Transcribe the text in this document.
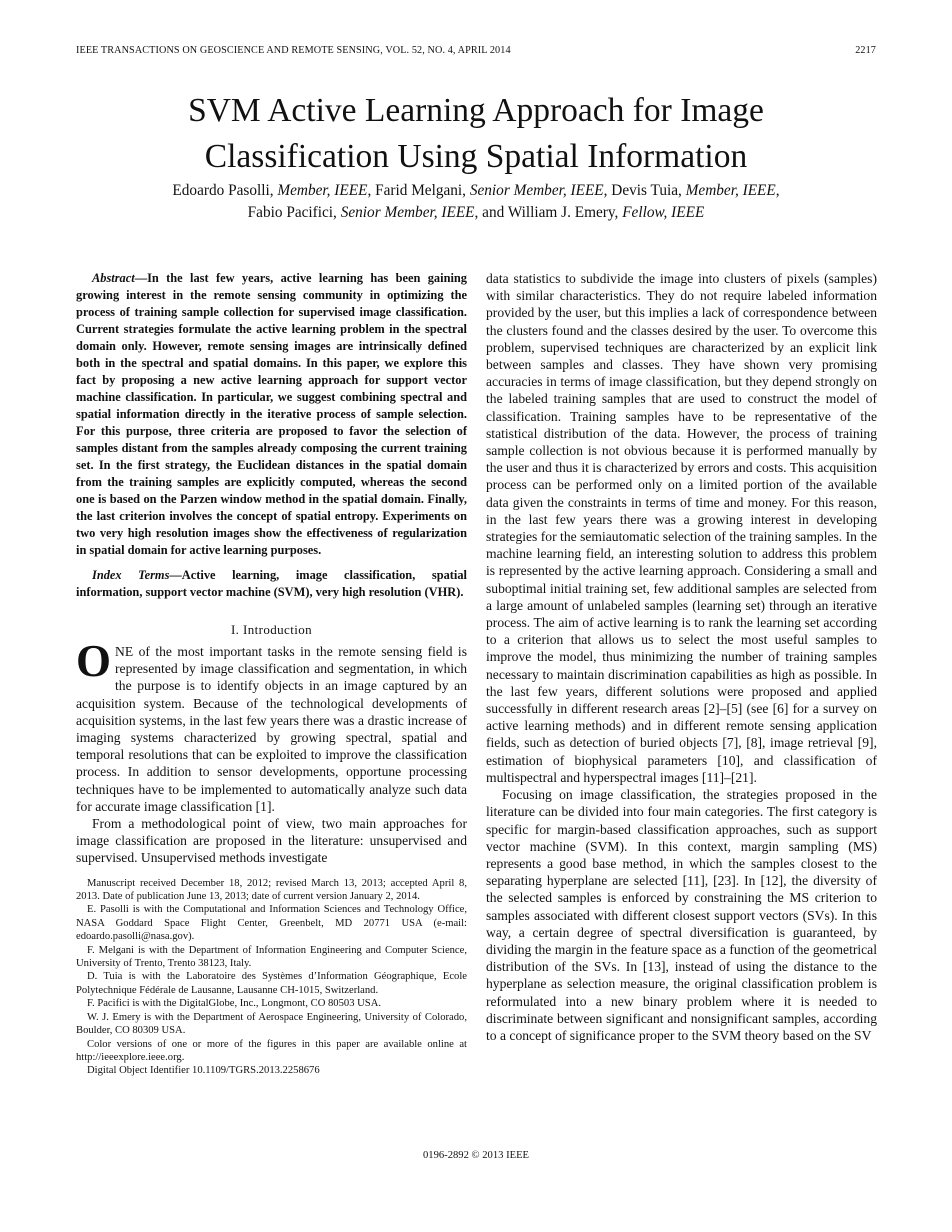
IEEE TRANSACTIONS ON GEOSCIENCE AND REMOTE SENSING, VOL. 52, NO. 4, APRIL 2014	2217
SVM Active Learning Approach for Image
Classification Using Spatial Information
Edoardo Pasolli, Member, IEEE, Farid Melgani, Senior Member, IEEE, Devis Tuia, Member, IEEE,
Fabio Pacifici, Senior Member, IEEE, and William J. Emery, Fellow, IEEE

Abstract—In the last few years, active learning has been gaining growing interest in the remote sensing community in optimizing the process of training sample collection for supervised image classification. Current strategies formulate the active learning problem in the spectral domain only. However, remote sensing images are intrinsically defined both in the spectral and spatial domains. In this paper, we explore this fact by proposing a new active learning approach for support vector machine classification. In particular, we suggest combining spectral and spatial information directly in the iterative process of sample selection. For this purpose, three criteria are proposed to favor the selection of samples distant from the samples already composing the current training set. In the first strategy, the Euclidean distances in the spatial domain from the training samples are explicitly computed, whereas the second one is based on the Parzen window method in the spatial domain. Finally, the last criterion involves the concept of spatial entropy. Experiments on two very high resolution images show the effectiveness of regularization in spatial domain for active learning purposes.

Index Terms—Active learning, image classification, spatial information, support vector machine (SVM), very high resolution (VHR).

I. Introduction

ONE of the most important tasks in the remote sensing field is represented by image classification and segmentation, in which the purpose is to identify objects in an image captured by an acquisition system. Because of the technological developments of acquisition systems, in the last few years there was a drastic increase of imaging systems characterized by growing spectral, spatial and temporal resolutions that can be exploited to improve the classification process. In addition to sensor developments, opportune processing techniques have to be implemented to automatically analyze such data for accurate image classification [1].

From a methodological point of view, two main approaches for image classification are proposed in the literature: unsupervised and supervised. Unsupervised methods investigate

Manuscript received December 18, 2012; revised March 13, 2013; accepted April 8, 2013. Date of publication June 13, 2013; date of current version January 2, 2014.

E. Pasolli is with the Computational and Information Sciences and Technology Office, NASA Goddard Space Flight Center, Greenbelt, MD 20771 USA (e-mail: edoardo.pasolli@nasa.gov).

F. Melgani is with the Department of Information Engineering and Computer Science, University of Trento, Trento 38123, Italy.

D. Tuia is with the Laboratoire des Systèmes d’Information Géographique, Ecole Polytechnique Fédérale de Lausanne, Lausanne CH-1015, Switzerland.

F. Pacifici is with the DigitalGlobe, Inc., Longmont, CO 80503 USA.

W. J. Emery is with the Department of Aerospace Engineering, University of Colorado, Boulder, CO 80309 USA.

Color versions of one or more of the figures in this paper are available online at http://ieeexplore.ieee.org.

Digital Object Identifier 10.1109/TGRS.2013.2258676

data statistics to subdivide the image into clusters of pixels (samples) with similar characteristics. They do not require labeled information provided by the user, but this implies a lack of correspondence between the clusters found and the classes desired by the user. To overcome this problem, supervised techniques are characterized by an explicit link between samples and classes. They have shown very promising accuracies in terms of image classification, but they depend strongly on the labeled training samples that are used to construct the model of classification. Training samples have to be representative of the statistical distribution of the data. However, the process of training sample collection is not obvious because it is performed manually by the user and thus it is characterized by errors and costs. This acquisition process can be performed only on a limited portion of the available data given the constraints in terms of time and money. For this reason, in the last few years there was a growing interest in developing strategies for the semiautomatic selection of the training samples. In the machine learning field, an interesting solution to address this problem is represented by the active learning approach. Considering a small and suboptimal initial training set, few additional samples are selected from a large amount of unlabeled samples (learning set) through an iterative process. The aim of active learning is to rank the learning set according to a criterion that allows us to select the most useful samples to improve the model, thus minimizing the number of training samples necessary to maintain discrimination capabilities as high as possible. In the last few years, different solutions were proposed and applied successfully in different research areas [2]–[5] (see [6] for a survey on active learning methods) and in different remote sensing application fields, such as detection of buried objects [7], [8], image retrieval [9], estimation of biophysical parameters [10], and classification of multispectral and hyperspectral images [11]–[21].

Focusing on image classification, the strategies proposed in the literature can be divided into four main categories. The first category is specific for margin-based classification approaches, such as support vector machine (SVM). In this context, margin sampling (MS) represents a good base method, in which the samples closest to the separating hyperplane are selected [11], [23]. In [12], the diversity of the selected samples is enforced by constraining the MS criterion to samples associated with different closest support vectors (SVs). In this way, a certain degree of spectral diversification is guaranteed, by dividing the margin in the feature space as a function of the geometrical distribution of the SVs. In [13], instead of using the distance to the hyperplane as selection measure, the original classification problem is reformulated into a new binary problem where it is needed to discriminate between significant and nonsignificant samples, according to a concept of significance proper to the SVM theory based on the SV

0196-2892 © 2013 IEEE
